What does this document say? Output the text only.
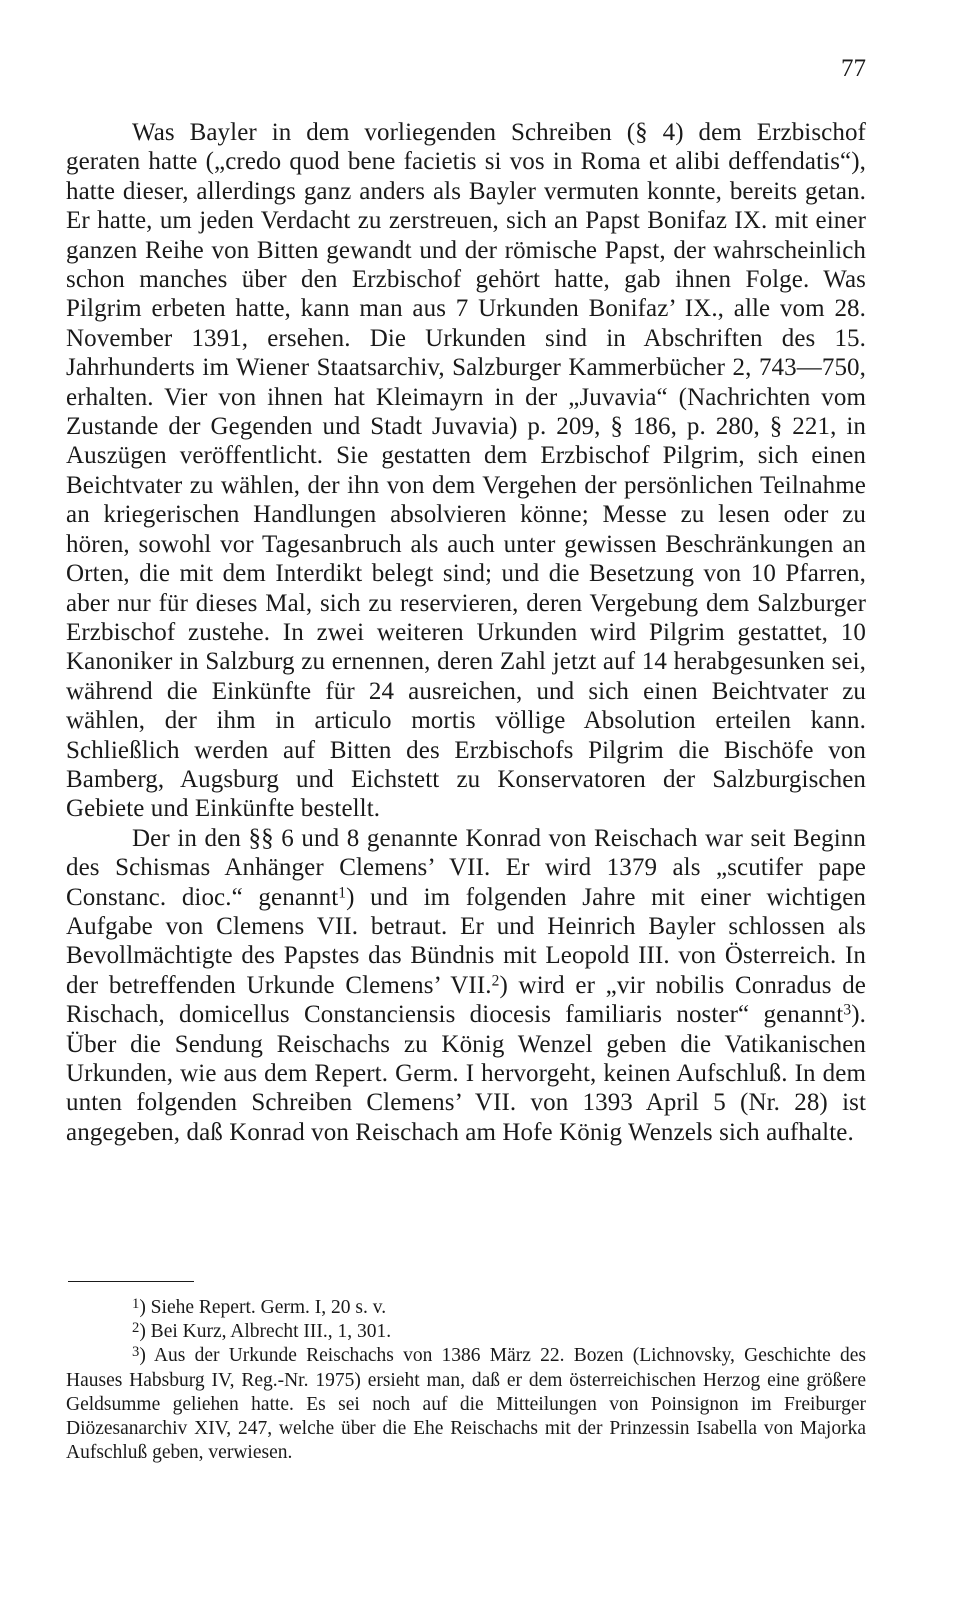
77

Was Bayler in dem vorliegenden Schreiben (§ 4) dem Erzbischof geraten hatte („credo quod bene facietis si vos in Roma et alibi deffendatis“), hatte dieser, allerdings ganz anders als Bayler vermuten konnte, bereits getan. Er hatte, um jeden Verdacht zu zerstreuen, sich an Papst Bonifaz IX. mit einer ganzen Reihe von Bitten gewandt und der römische Papst, der wahrscheinlich schon manches über den Erzbischof gehört hatte, gab ihnen Folge. Was Pilgrim erbeten hatte, kann man aus 7 Urkunden Bonifaz’ IX., alle vom 28. November 1391, ersehen. Die Urkunden sind in Abschriften des 15. Jahrhunderts im Wiener Staatsarchiv, Salzburger Kammerbücher 2, 743—750, erhalten. Vier von ihnen hat Kleimayrn in der „Juvavia“ (Nachrichten vom Zustande der Gegenden und Stadt Juvavia) p. 209, § 186, p. 280, § 221, in Auszügen veröffentlicht. Sie gestatten dem Erzbischof Pilgrim, sich einen Beichtvater zu wählen, der ihn von dem Vergehen der persönlichen Teilnahme an kriegerischen Handlungen absolvieren könne; Messe zu lesen oder zu hören, sowohl vor Tagesanbruch als auch unter gewissen Beschränkungen an Orten, die mit dem Interdikt belegt sind; und die Besetzung von 10 Pfarren, aber nur für dieses Mal, sich zu reservieren, deren Vergebung dem Salzburger Erzbischof zustehe. In zwei weiteren Urkunden wird Pilgrim gestattet, 10 Kanoniker in Salzburg zu ernennen, deren Zahl jetzt auf 14 herabgesunken sei, während die Einkünfte für 24 ausreichen, und sich einen Beichtvater zu wählen, der ihm in articulo mortis völlige Absolution erteilen kann. Schließlich werden auf Bitten des Erzbischofs Pilgrim die Bischöfe von Bamberg, Augsburg und Eichstett zu Konservatoren der Salzburgischen Gebiete und Einkünfte bestellt.

Der in den §§ 6 und 8 genannte Konrad von Reischach war seit Beginn des Schismas Anhänger Clemens’ VII. Er wird 1379 als „scutifer pape Constanc. dioc.“ genannt$^1$) und im folgenden Jahre mit einer wichtigen Aufgabe von Clemens VII. betraut. Er und Heinrich Bayler schlossen als Bevollmächtigte des Papstes das Bündnis mit Leopold III. von Österreich. In der betreffenden Urkunde Clemens’ VII.$^2$) wird er „vir nobilis Conradus de Rischach, domicellus Constanciensis diocesis familiaris noster“ genannt$^3$). Über die Sendung Reischachs zu König Wenzel geben die Vatikanischen Urkunden, wie aus dem Repert. Germ. I hervorgeht, keinen Aufschluß. In dem unten folgenden Schreiben Clemens’ VII. von 1393 April 5 (Nr. 28) ist angegeben, daß Konrad von Reischach am Hofe König Wenzels sich aufhalte.

$^1$) Siehe Repert. Germ. I, 20 s. v.

$^2$) Bei Kurz, Albrecht III., 1, 301.

$^3$) Aus der Urkunde Reischachs von 1386 März 22. Bozen (Lichnovsky, Geschichte des Hauses Habsburg IV, Reg.-Nr. 1975) ersieht man, daß er dem österreichischen Herzog eine größere Geldsumme geliehen hatte. Es sei noch auf die Mitteilungen von Poinsignon im Freiburger Diözesanarchiv XIV, 247, welche über die Ehe Reischachs mit der Prinzessin Isabella von Majorka Aufschluß geben, verwiesen.
